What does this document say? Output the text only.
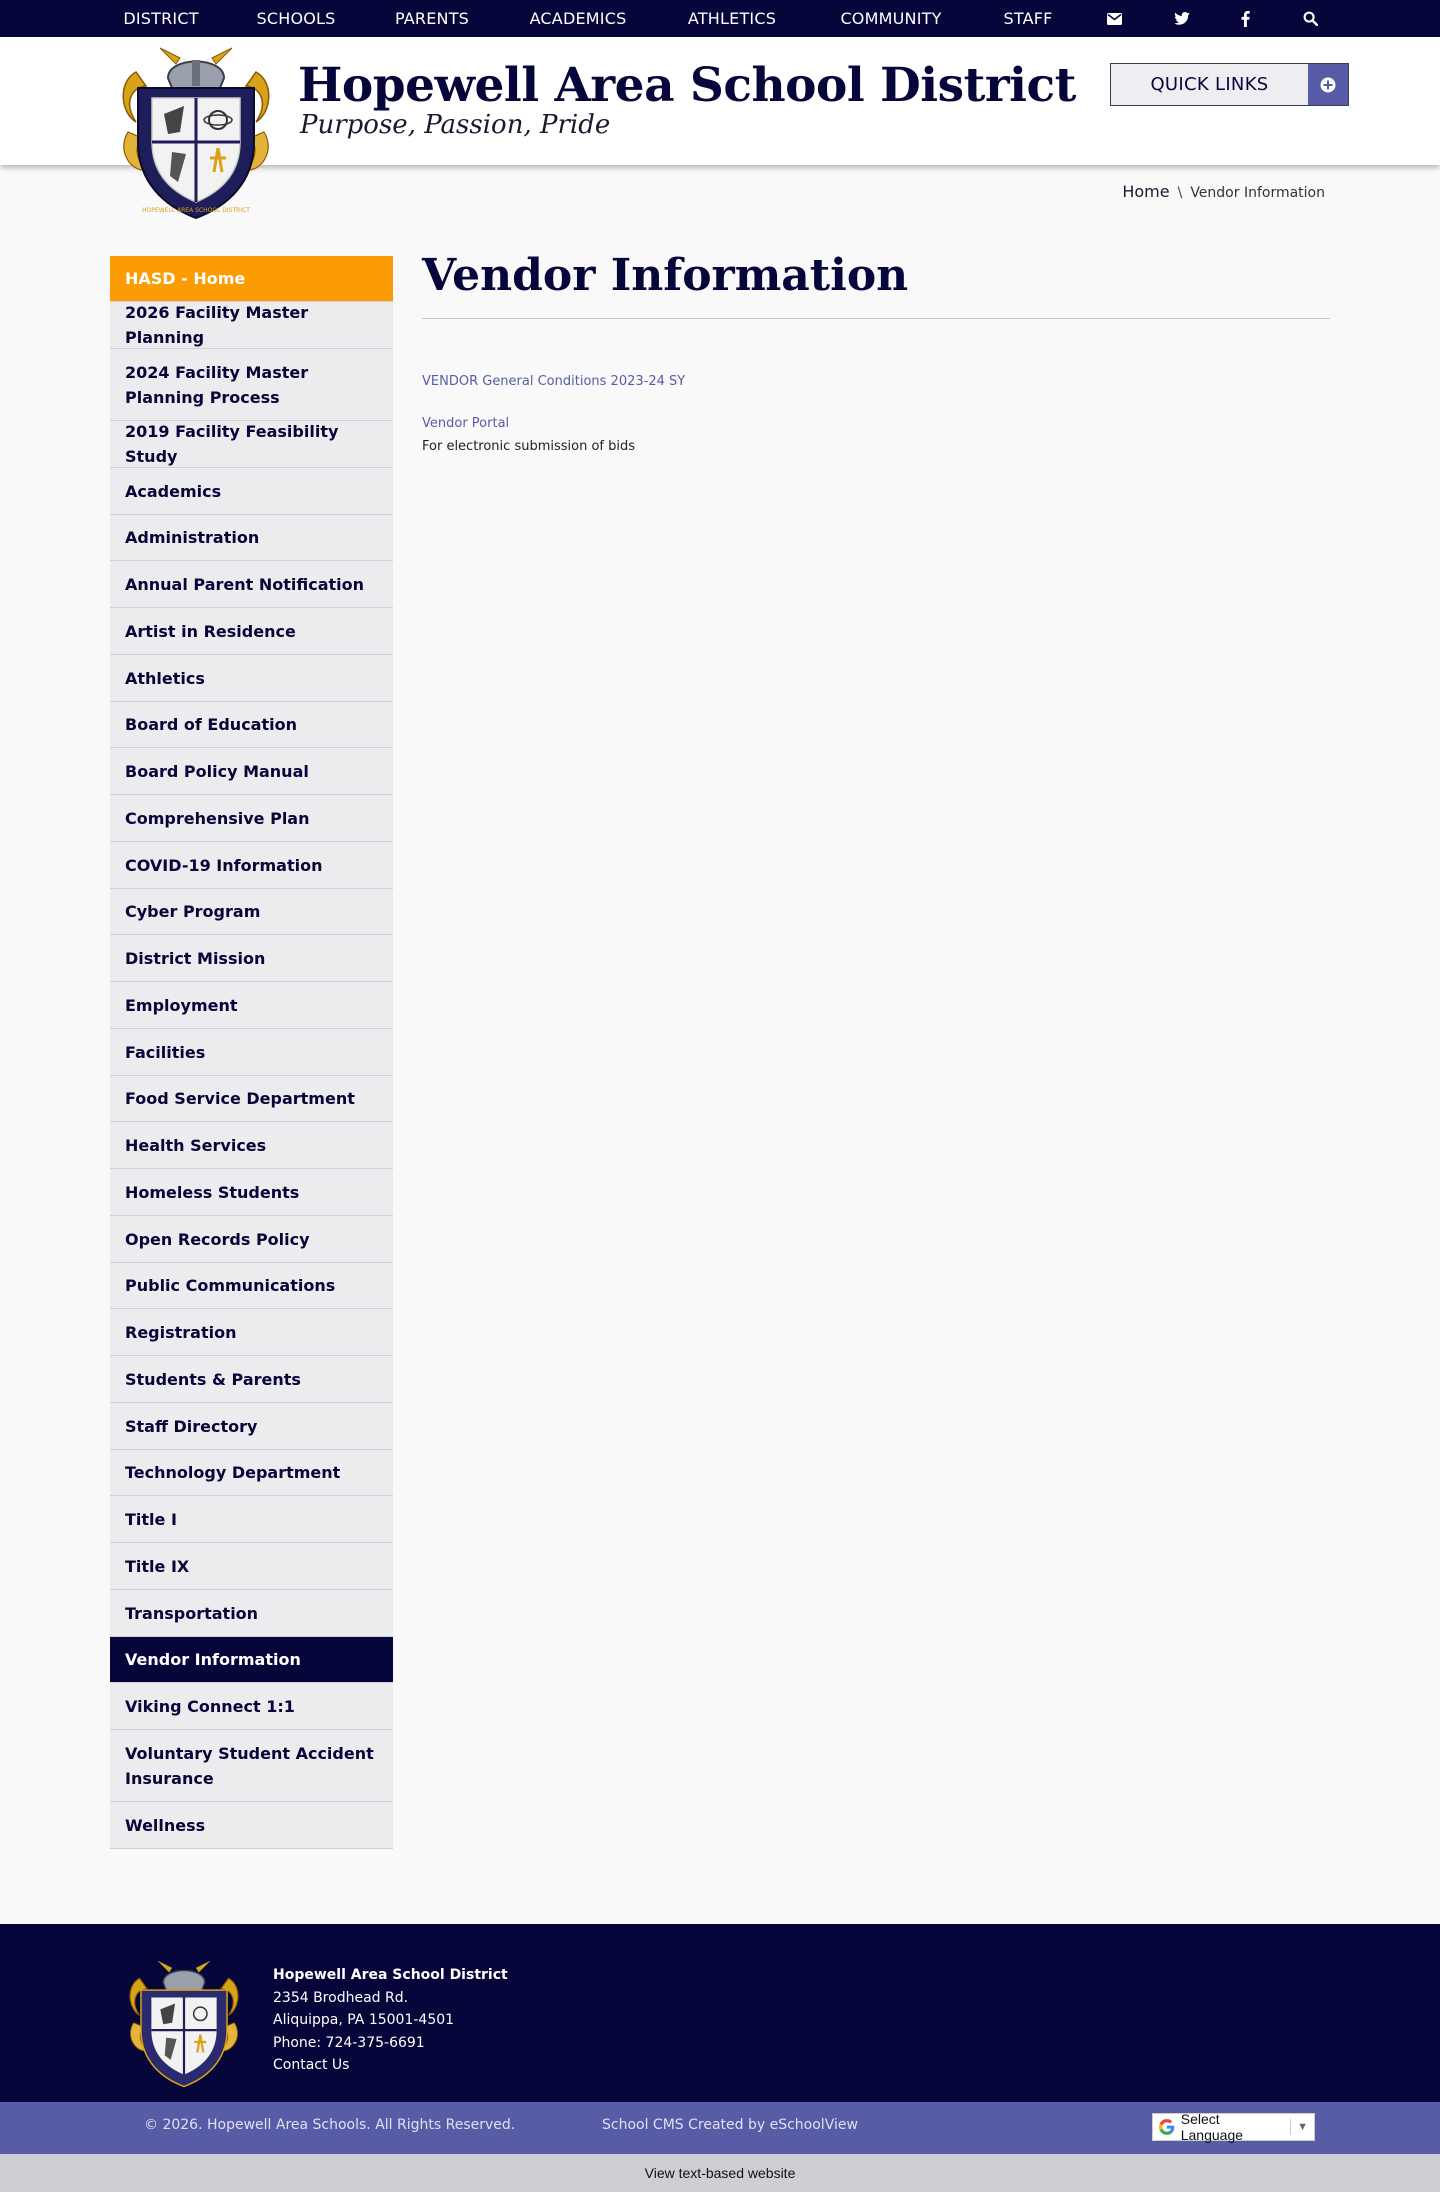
DISTRICT	SCHOOLS	PARENTS	ACADEMICS	ATHLETICS	COMMUNITY	STAFF
HOPEWELL AREA SCHOOL DISTRICT
Hopewell Area School District
Purpose, Passion, Pride
QUICK LINKS
Home \ Vendor Information
HASD - Home
2026 Facility Master Planning
2024 Facility Master Planning Process
2019 Facility Feasibility Study
Academics
Administration
Annual Parent Notification
Artist in Residence
Athletics
Board of Education
Board Policy Manual
Comprehensive Plan
COVID-19 Information
Cyber Program
District Mission
Employment
Facilities
Food Service Department
Health Services
Homeless Students
Open Records Policy
Public Communications
Registration
Students & Parents
Staff Directory
Technology Department
Title I
Title IX
Transportation
Vendor Information
Viking Connect 1:1
Voluntary Student Accident Insurance
Wellness
Vendor Information
VENDOR General Conditions 2023-24 SY
Vendor Portal
For electronic submission of bids
Hopewell Area School District
2354 Brodhead Rd.
Aliquippa, PA 15001-4501
Phone: 724-375-6691
Contact Us
© 2026. Hopewell Area Schools. All Rights Reserved.	School CMS Created by eSchoolView	Select Language	▼
View text-based website
